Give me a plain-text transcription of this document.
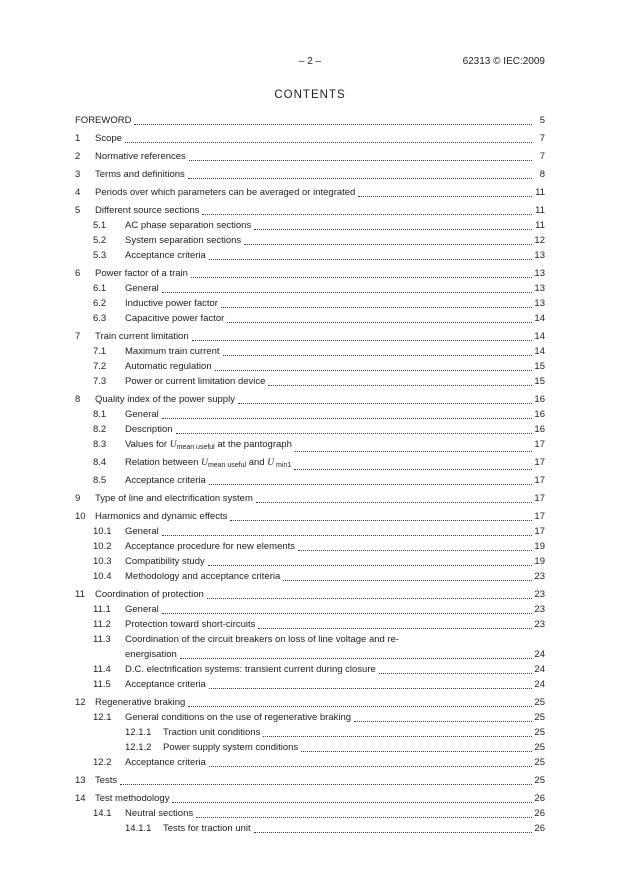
– 2 –	62313 © IEC:2009
CONTENTS
FOREWORD	5
1	Scope	7
2	Normative references	7
3	Terms and definitions	8
4	Periods over which parameters can be averaged or integrated	11
5	Different source sections	11
5.1	AC phase separation sections	11
5.2	System separation sections	12
5.3	Acceptance criteria	13
6	Power factor of a train	13
6.1	General	13
6.2	Inductive power factor	13
6.3	Capacitive power factor	14
7	Train current limitation	14
7.1	Maximum train current	14
7.2	Automatic regulation	15
7.3	Power or current limitation device	15
8	Quality index of the power supply	16
8.1	General	16
8.2	Description	16
8.3	Values for $U_{mean useful}$ at the pantograph	17
8.4	Relation between $U_{mean useful}$ and U $_{min1}$	17
8.5	Acceptance criteria	17
9	Type of line and electrification system	17
10 Harmonics and dynamic effects	17
10.1	General	17
10.2	Acceptance procedure for new elements	19
10.3	Compatibility study	19
10.4	Methodology and acceptance criteria	23
11	Coordination of protection	23
11.1	General	23
11.2	Protection toward short-circuits	23
11.3	Coordination of the circuit breakers on loss of line voltage and re-
energisation	24
11.4	D.C. electrification systems: transient current during closure	24
11.5	Acceptance criteria	24
12 Regenerative braking	25
12.1	General conditions on the use of regenerative braking	25
12.1.1	Traction unit conditions	25
12.1.2	Power supply system conditions	25
12.2	Acceptance criteria	25
13 Tests	25
14 Test methodology	26
14.1	Neutral sections	26
14.1.1	Tests for traction unit	26
